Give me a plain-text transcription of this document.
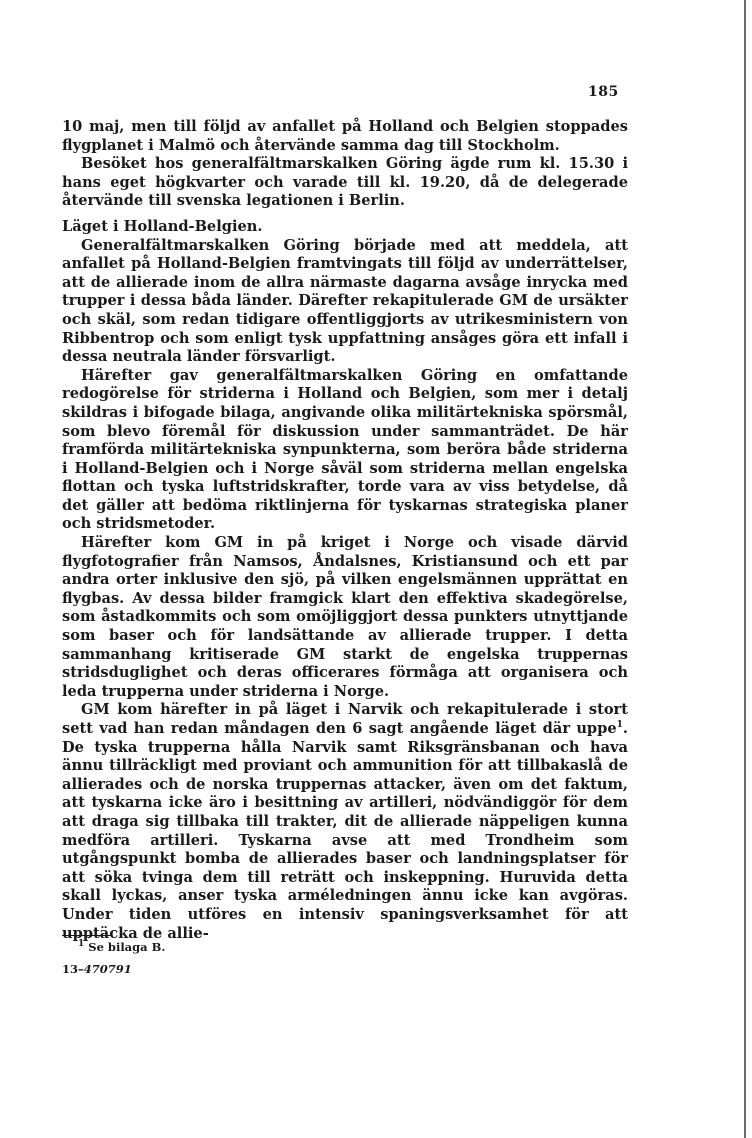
185

10 maj, men till följd av anfallet på Holland och Belgien stoppades flygplanet i Malmö och återvände samma dag till Stockholm.

Besöket hos generalfältmarskalken Göring ägde rum kl. 15.30 i hans eget högkvarter och varade till kl. 19.20, då de delegerade återvände till svenska legationen i Berlin.

Läget i Holland-Belgien.

Generalfältmarskalken Göring började med att meddela, att anfallet på Holland-Belgien framtvingats till följd av underrättelser, att de allierade inom de allra närmaste dagarna avsåge inrycka med trupper i dessa båda länder. Därefter rekapitulerade GM de ursäkter och skäl, som redan tidigare offentliggjorts av utrikesministern von Ribbentrop och som enligt tysk uppfattning ansåges göra ett infall i dessa neutrala länder försvarligt.

Härefter gav generalfältmarskalken Göring en omfattande redogörelse för striderna i Holland och Belgien, som mer i detalj skildras i bifogade bilaga, angivande olika militärtekniska spörsmål, som blevo föremål för diskussion under sammanträdet. De här framförda militärtekniska synpunkterna, som beröra både striderna i Holland-Belgien och i Norge såväl som striderna mellan engelska flottan och tyska luftstridskrafter, torde vara av viss betydelse, då det gäller att bedöma riktlinjerna för tyskarnas strategiska planer och stridsmetoder.

Härefter kom GM in på kriget i Norge och visade därvid flygfotografier från Namsos, Åndalsnes, Kristiansund och ett par andra orter inklusive den sjö, på vilken engelsmännen upprättat en flygbas. Av dessa bilder framgick klart den effektiva skadegörelse, som åstadkommits och som omöjliggjort dessa punkters utnyttjande som baser och för landsättande av allierade trupper. I detta sammanhang kritiserade GM starkt de engelska truppernas stridsduglighet och deras officerares förmåga att organisera och leda trupperna under striderna i Norge.

GM kom härefter in på läget i Narvik och rekapitulerade i stort sett vad han redan måndagen den 6 sagt angående läget där uppe$^1$. De tyska trupperna hålla Narvik samt Riksgränsbanan och hava ännu tillräckligt med proviant och ammunition för att tillbakaslå de allierades och de norska truppernas attacker, även om det faktum, att tyskarna icke äro i besittning av artilleri, nödvändiggör för dem att draga sig tillbaka till trakter, dit de allierade näppeligen kunna medföra artilleri. Tyskarna avse att med Trondheim som utgångspunkt bomba de allierades baser och landningsplatser för att söka tvinga dem till reträtt och inskeppning. Huruvida detta skall lyckas, anser tyska arméledningen ännu icke kan avgöras. Under tiden utföres en intensiv spaningsverksamhet för att upptäcka de allie-

$^1$ Se bilaga B.
13–470791
